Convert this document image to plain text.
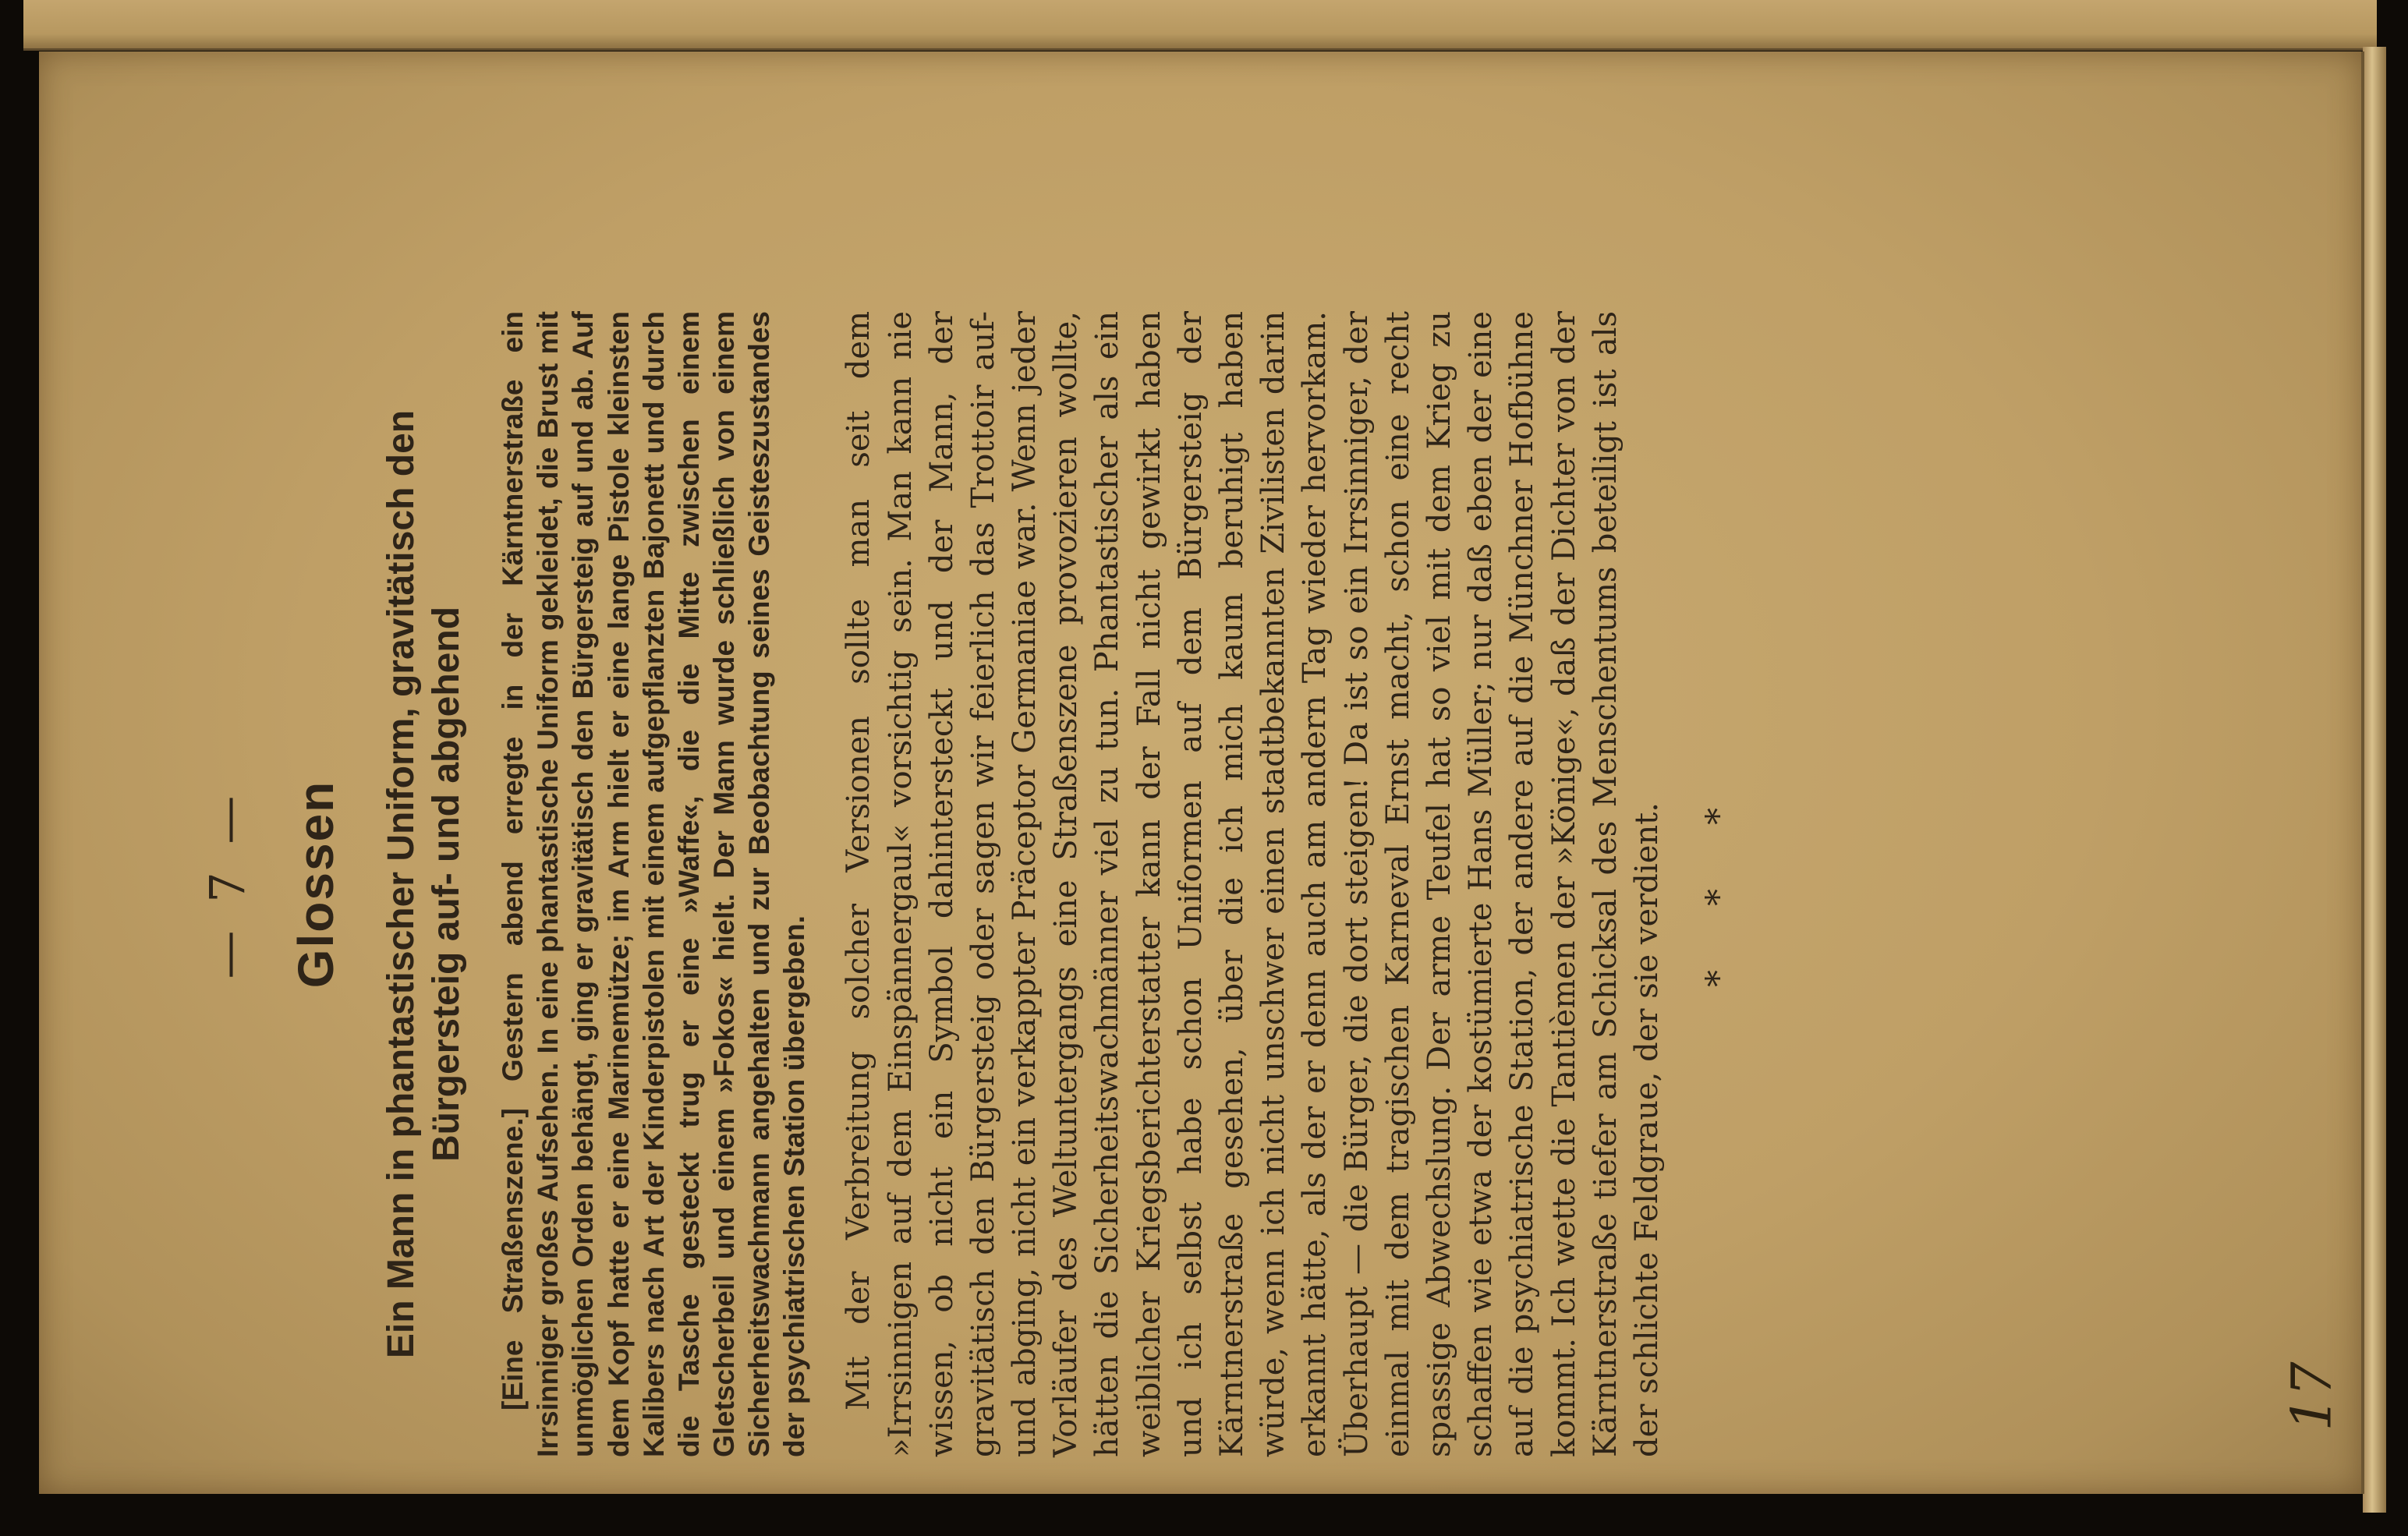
— 7 — Glossen Ein Mann in phantastischer Uniform, gravitätisch den Bürgersteig auf- und abgehend [Eine Straßenszene.] Gestern abend erregte in der Kärntnerstraße ein Irrsinniger großes Aufsehen. In eine phantastische Uniform gekleidet, die Brust mit unmöglichen Orden behängt, ging er gravitätisch den Bürgersteig auf und ab. Auf dem Kopf hatte er eine Marinemütze; im Arm hielt er eine lange Pistole kleinsten Kalibers nach Art der Kinderpistolen mit einem aufgepflanzten Bajonett und durch die Tasche gesteckt trug er eine »Waffe«, die die Mitte zwischen einem Gletscherbeil und einem »Fokos« hielt. Der Mann wurde schließlich von einem Sicherheitswachmann angehalten und zur Beobachtung seines Geisteszustandes der psychiatrischen Station übergeben. Mit der Verbreitung solcher Versionen sollte man seit dem »Irrsinnigen auf dem Einspännergaul« vorsichtig sein. Man kann nie wissen, ob nicht ein Symbol dahintersteckt und der Mann, der gravitätisch den Bürgersteig oder sagen wir feierlich das Trottoir auf- und abging, nicht ein verkappter Präceptor Germaniae war. Wenn jeder Vorläufer des Weltuntergangs eine Straßenszene provozieren wollte, hätten die Sicherheitswachmänner viel zu tun. Phantastischer als ein weiblicher Kriegsberichterstatter kann der Fall nicht gewirkt haben und ich selbst habe schon Uniformen auf dem Bürgersteig der Kärntnerstraße gesehen, über die ich mich kaum beruhigt haben würde, wenn ich nicht unschwer einen stadtbekannten Zivilisten darin erkannt hätte, als der er denn auch am andern Tag wieder hervorkam. Überhaupt — die Bürger, die dort steigen! Da ist so ein Irrsinniger, der einmal mit dem tragischen Karneval Ernst macht, schon eine recht spassige Abwechslung. Der arme Teufel hat so viel mit dem Krieg zu schaffen wie etwa der kostümierte Hans Müller; nur daß eben der eine auf die psychiatrische Station, der andere auf die Münchner Hofbühne kommt. Ich wette die Tantièmen der »Könige«, daß der Dichter von der Kärntnerstraße tiefer am Schicksal des Menschentums beteiligt ist als der schlichte Feldgraue, der sie verdient. * * *
17
